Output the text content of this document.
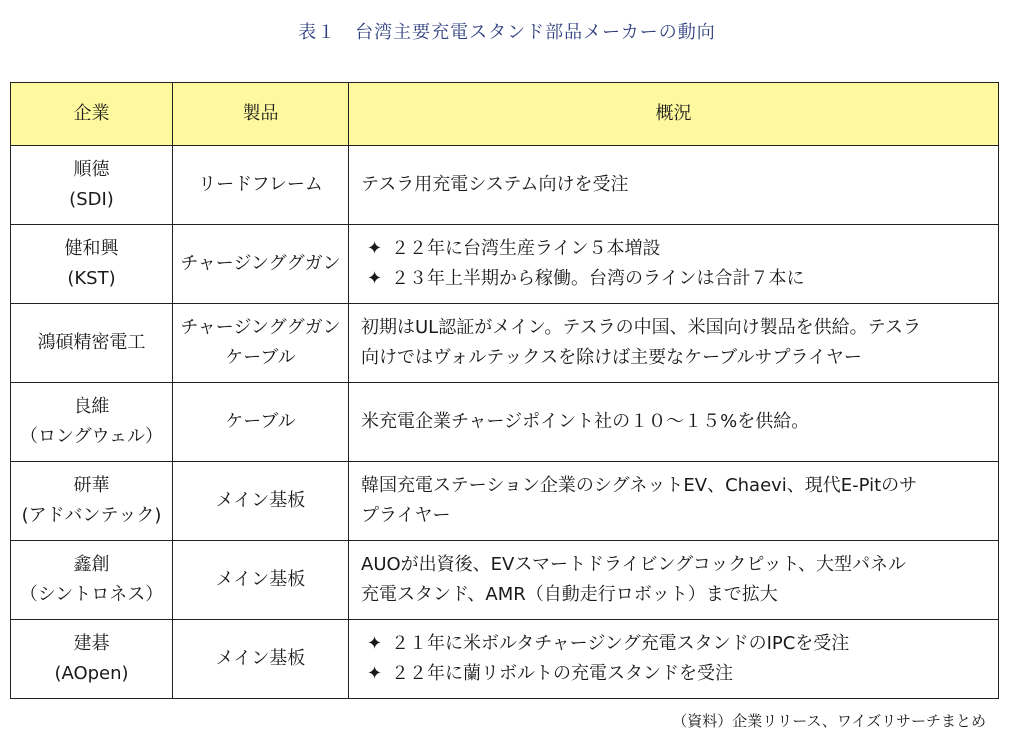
表１　台湾主要充電スタンド部品メーカーの動向
企業	製品	概況

順德
(SDI)	リードフレーム	テスラ用充電システム向けを受注

健和興
(KST)	チャージンググガン	✦ ２２年に台湾生産ライン５本増設
✦ ２３年上半期から稼働。台湾のラインは合計７本に

鴻碩精密電工	チャージンググガン
ケーブル	初期はUL認証がメイン。テスラの中国、米国向け製品を供給。テスラ
向けではヴォルテックスを除けば主要なケーブルサプライヤー

良維
（ロングウェル）	ケーブル	米充電企業チャージポイント社の１０～１５%を供給。

研華
(アドバンテック)	メイン基板	韓国充電ステーション企業のシグネットEV、Chaevi、現代E-Pitのサ
プライヤー

鑫創
（シントロネス）	メイン基板	AUOが出資後、EVスマートドライビングコックピット、大型パネル
充電スタンド、AMR（自動走行ロボット）まで拡大

建碁
(AOpen)	メイン基板	✦ ２１年に米ボルタチャージング充電スタンドのIPCを受注
✦ ２２年に蘭リボルトの充電スタンドを受注
（資料）企業リリース、ワイズリサーチまとめ
